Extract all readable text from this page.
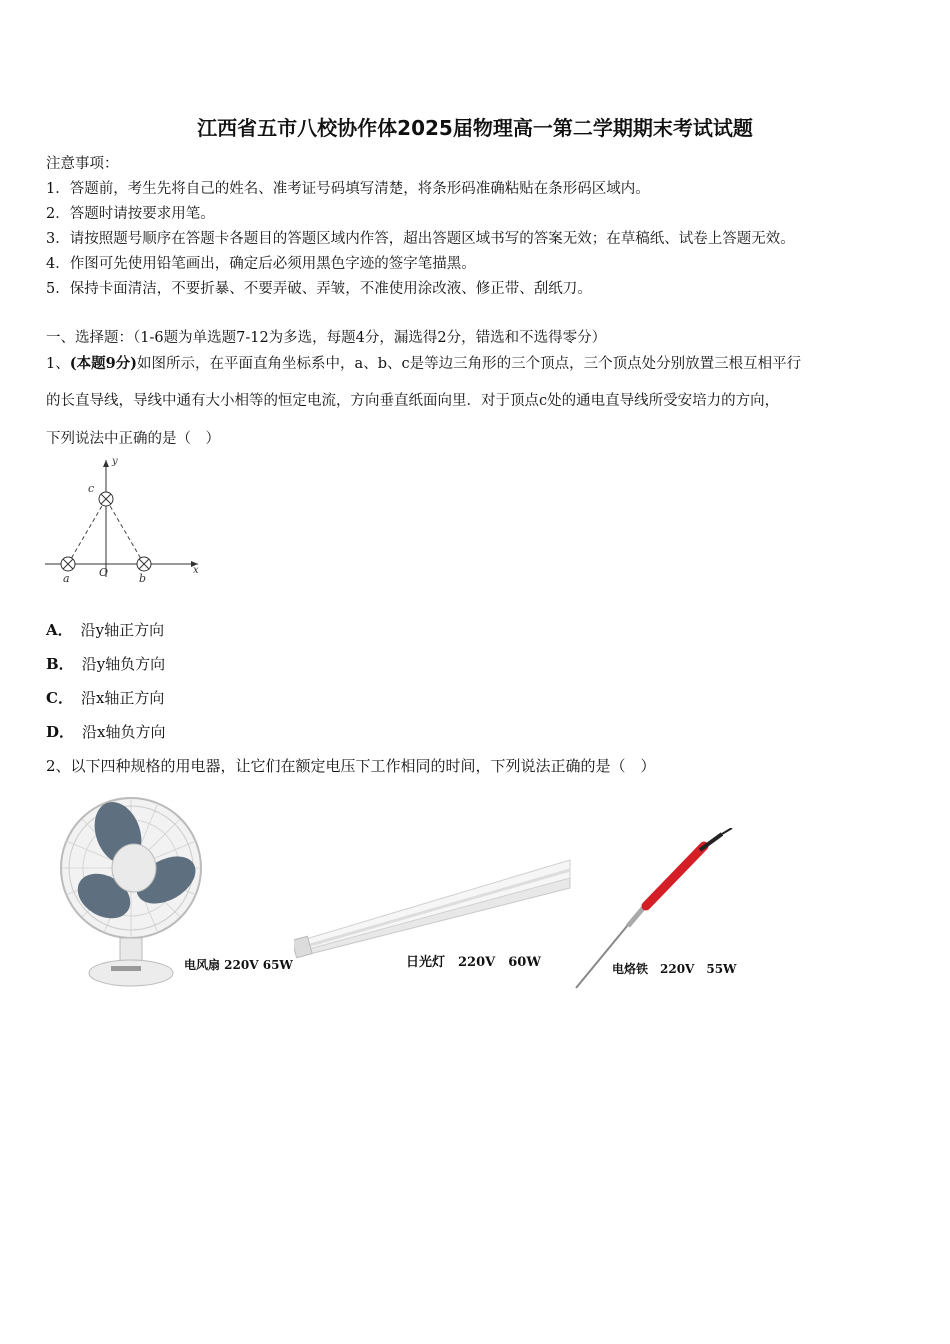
江西省五市八校协作体2025届物理高一第二学期期末考试试题
注意事项：
1．答题前，考生先将自己的姓名、准考证号码填写清楚，将条形码准确粘贴在条形码区域内。
2．答题时请按要求用笔。
3．请按照题号顺序在答题卡各题目的答题区域内作答，超出答题区域书写的答案无效；在草稿纸、试卷上答题无效。
4．作图可先使用铅笔画出，确定后必须用黑色字迹的签字笔描黑。
5．保持卡面清洁，不要折暴、不要弄破、弄皱，不准使用涂改液、修正带、刮纸刀。
一、选择题：（1-6题为单选题7-12为多选，每题4分，漏选得2分，错选和不选得零分）
1、(本题9分)如图所示，在平面直角坐标系中，a、b、c是等边三角形的三个顶点，三个顶点处分别放置三根互相平行
的长直导线，导线中通有大小相等的恒定电流，方向垂直纸面向里．对于顶点c处的通电直导线所受安培力的方向，
下列说法中正确的是（　）
y
x
c
a	b
O
A． 沿y轴正方向
B． 沿y轴负方向
C． 沿x轴正方向
D． 沿x轴负方向
2、以下四种规格的用电器，让它们在额定电压下工作相同的时间，下列说法正确的是（　）
电风扇 220V 65W	日光灯　220V　60W	电烙铁　220V　55W
